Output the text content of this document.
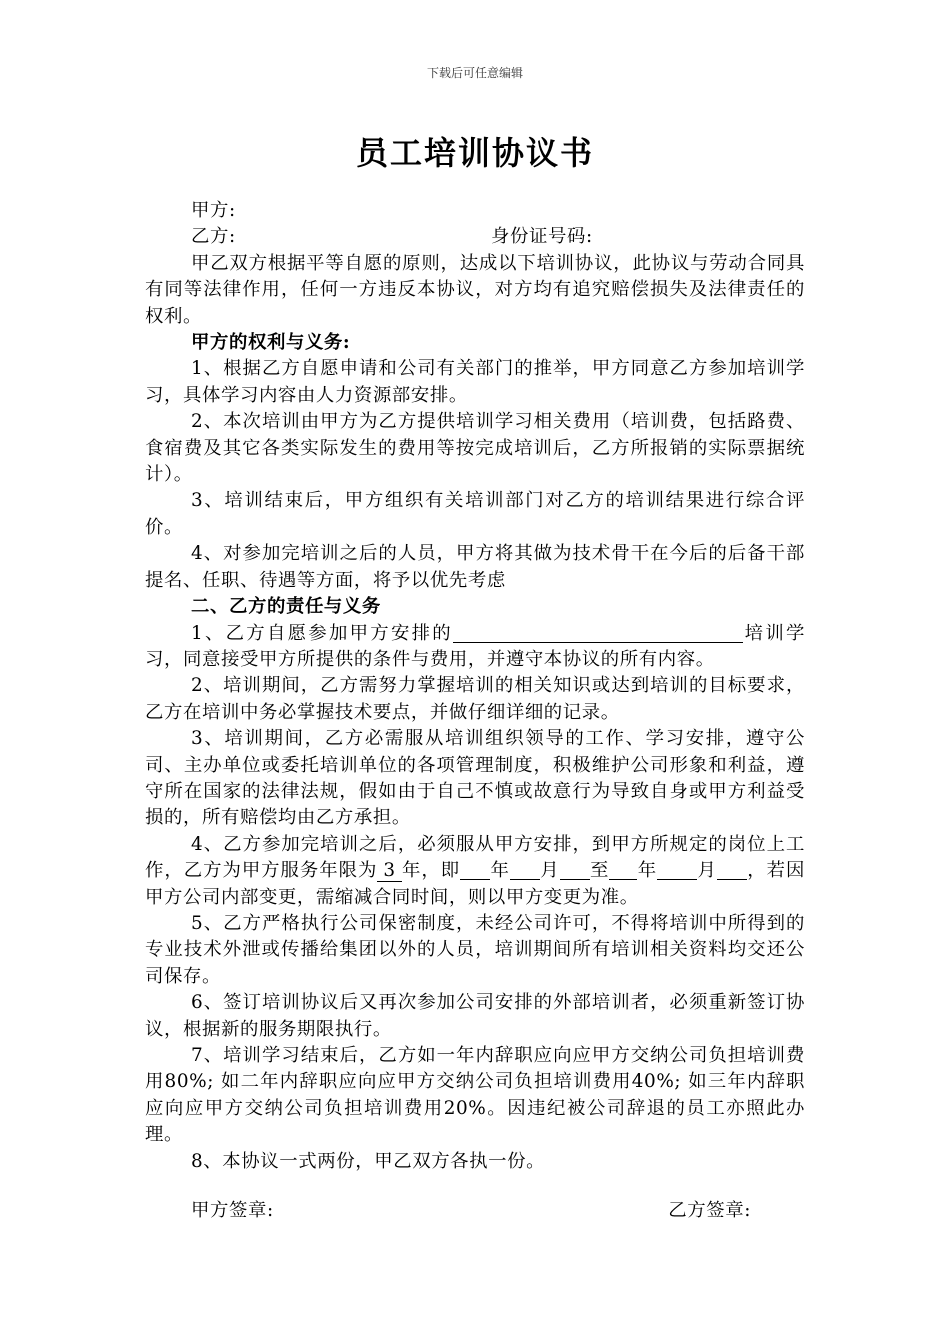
下载后可任意编辑
员工培训协议书

甲方:

乙方:	身份证号码:

甲乙双方根据平等自愿的原则，达成以下培训协议，此协议与劳动合同具有同等法律作用，任何一方违反本协议，对方均有追究赔偿损失及法律责任的权利。

甲方的权利与义务:

1、根据乙方自愿申请和公司有关部门的推举，甲方同意乙方参加培训学习，具体学习内容由人力资源部安排。

2、本次培训由甲方为乙方提供培训学习相关费用（培训费，包括路费、食宿费及其它各类实际发生的费用等按完成培训后，乙方所报销的实际票据统计）。

3、培训结束后，甲方组织有关培训部门对乙方的培训结果进行综合评价。

4、对参加完培训之后的人员，甲方将其做为技术骨干在今后的后备干部提名、任职、待遇等方面，将予以优先考虑

二、乙方的责任与义务

1、乙方自愿参加甲方安排的	培训学习，同意接受甲方所提供的条件与费用，并遵守本协议的所有内容。

2、培训期间，乙方需努力掌握培训的相关知识或达到培训的目标要求，乙方在培训中务必掌握技术要点，并做仔细详细的记录。

3、培训期间，乙方必需服从培训组织领导的工作、学习安排，遵守公司、主办单位或委托培训单位的各项管理制度，积极维护公司形象和利益，遵守所在国家的法律法规，假如由于自己不慎或故意行为导致自身或甲方利益受损的，所有赔偿均由乙方承担。

4、乙方参加完培训之后，必须服从甲方安排，到甲方所规定的岗位上工作，乙方为甲方服务年限为 3 年，即 年 月 至 年 月 ，若因甲方公司内部变更，需缩减合同时间，则以甲方变更为准。

5、乙方严格执行公司保密制度，未经公司许可，不得将培训中所得到的专业技术外泄或传播给集团以外的人员，培训期间所有培训相关资料均交还公司保存。

6、签订培训协议后又再次参加公司安排的外部培训者，必须重新签订协议，根据新的服务期限执行。

7、培训学习结束后，乙方如一年内辞职应向应甲方交纳公司负担培训费用80%; 如二年内辞职应向应甲方交纳公司负担培训费用40%; 如三年内辞职应向应甲方交纳公司负担培训费用20%。因违纪被公司辞退的员工亦照此办理。

8、本协议一式两份，甲乙双方各执一份。

甲方签章:	乙方签章:
